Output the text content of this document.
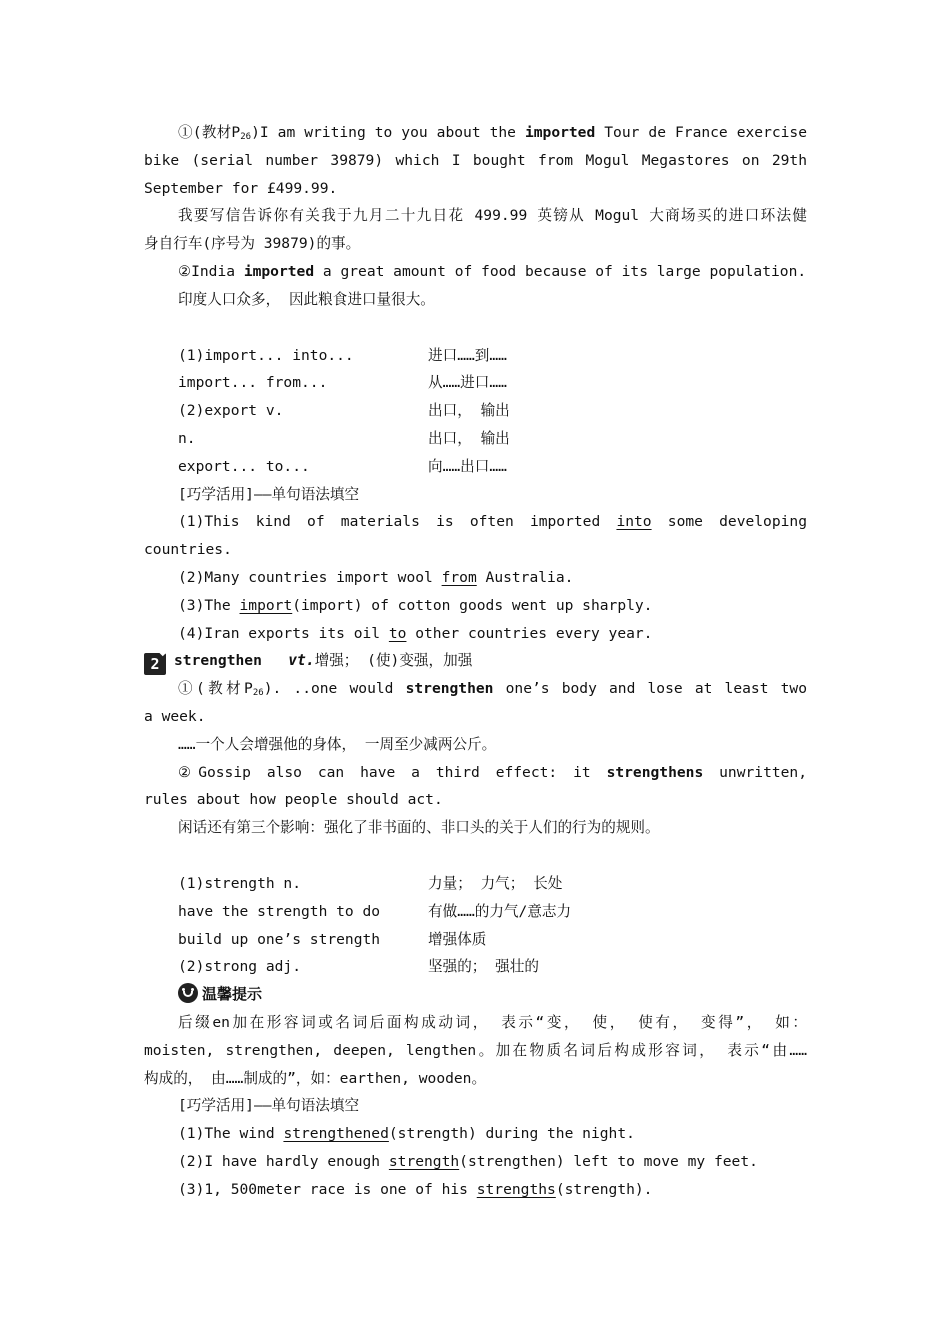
①(教材$P_{26})I$ am writing to you about the imported Tour de France exercise
bike (serial number 39879) which I bought from Mogul Megastores on 29th
September for £499.99.
我要写信告诉你有关我于九月二十九日花 499.99 英镑从 Mogul 大商场买的进口环法健
身自行车(序号为 39879)的事。
②India imported a great amount of food because of its large population.
印度人口众多， 因此粮食进口量很大。
(1)import... into...	进口……到……
import... from...	从……进口……
(2)export v.	出口， 输出
n.	出口， 输出
export... to...	向……出口……
[巧学活用]——单句语法填空
(1)This kind of materials is often imported into some developing
countries.
(2)Many countries import wool from Australia.
(3)The import(import) of cotton goods went up sharply.
(4)Iran exports its oil to other countries every year.
2 strengthen vt.增强； (使)变强，加强
①(教材$P_{26}$). ..one would strengthen one’s body and lose at least two
a week.
……一个人会增强他的身体， 一周至少减两公斤。
②Gossip also can have a third effect: it strengthens unwritten,
rules about how people should act.
闲话还有第三个影响：强化了非书面的、非口头的关于人们的行为的规则。
(1)strength n.	力量； 力气； 长处
have the strength to do	有做……的力气/意志力
build up one’s strength	增强体质
(2)strong adj.	坚强的； 强壮的
温馨提示
后缀en加在形容词或名词后面构成动词， 表示“变， 使， 使有， 变得”， 如：
moisten, strengthen, deepen, lengthen。加在物质名词后构成形容词， 表示“由……
构成的， 由……制成的”，如：earthen, wooden。
[巧学活用]——单句语法填空
(1)The wind strengthened(strength) during the night.
(2)I have hardly enough strength(strengthen) left to move my feet.
(3)1, 500meter race is one of his strengths(strength).
